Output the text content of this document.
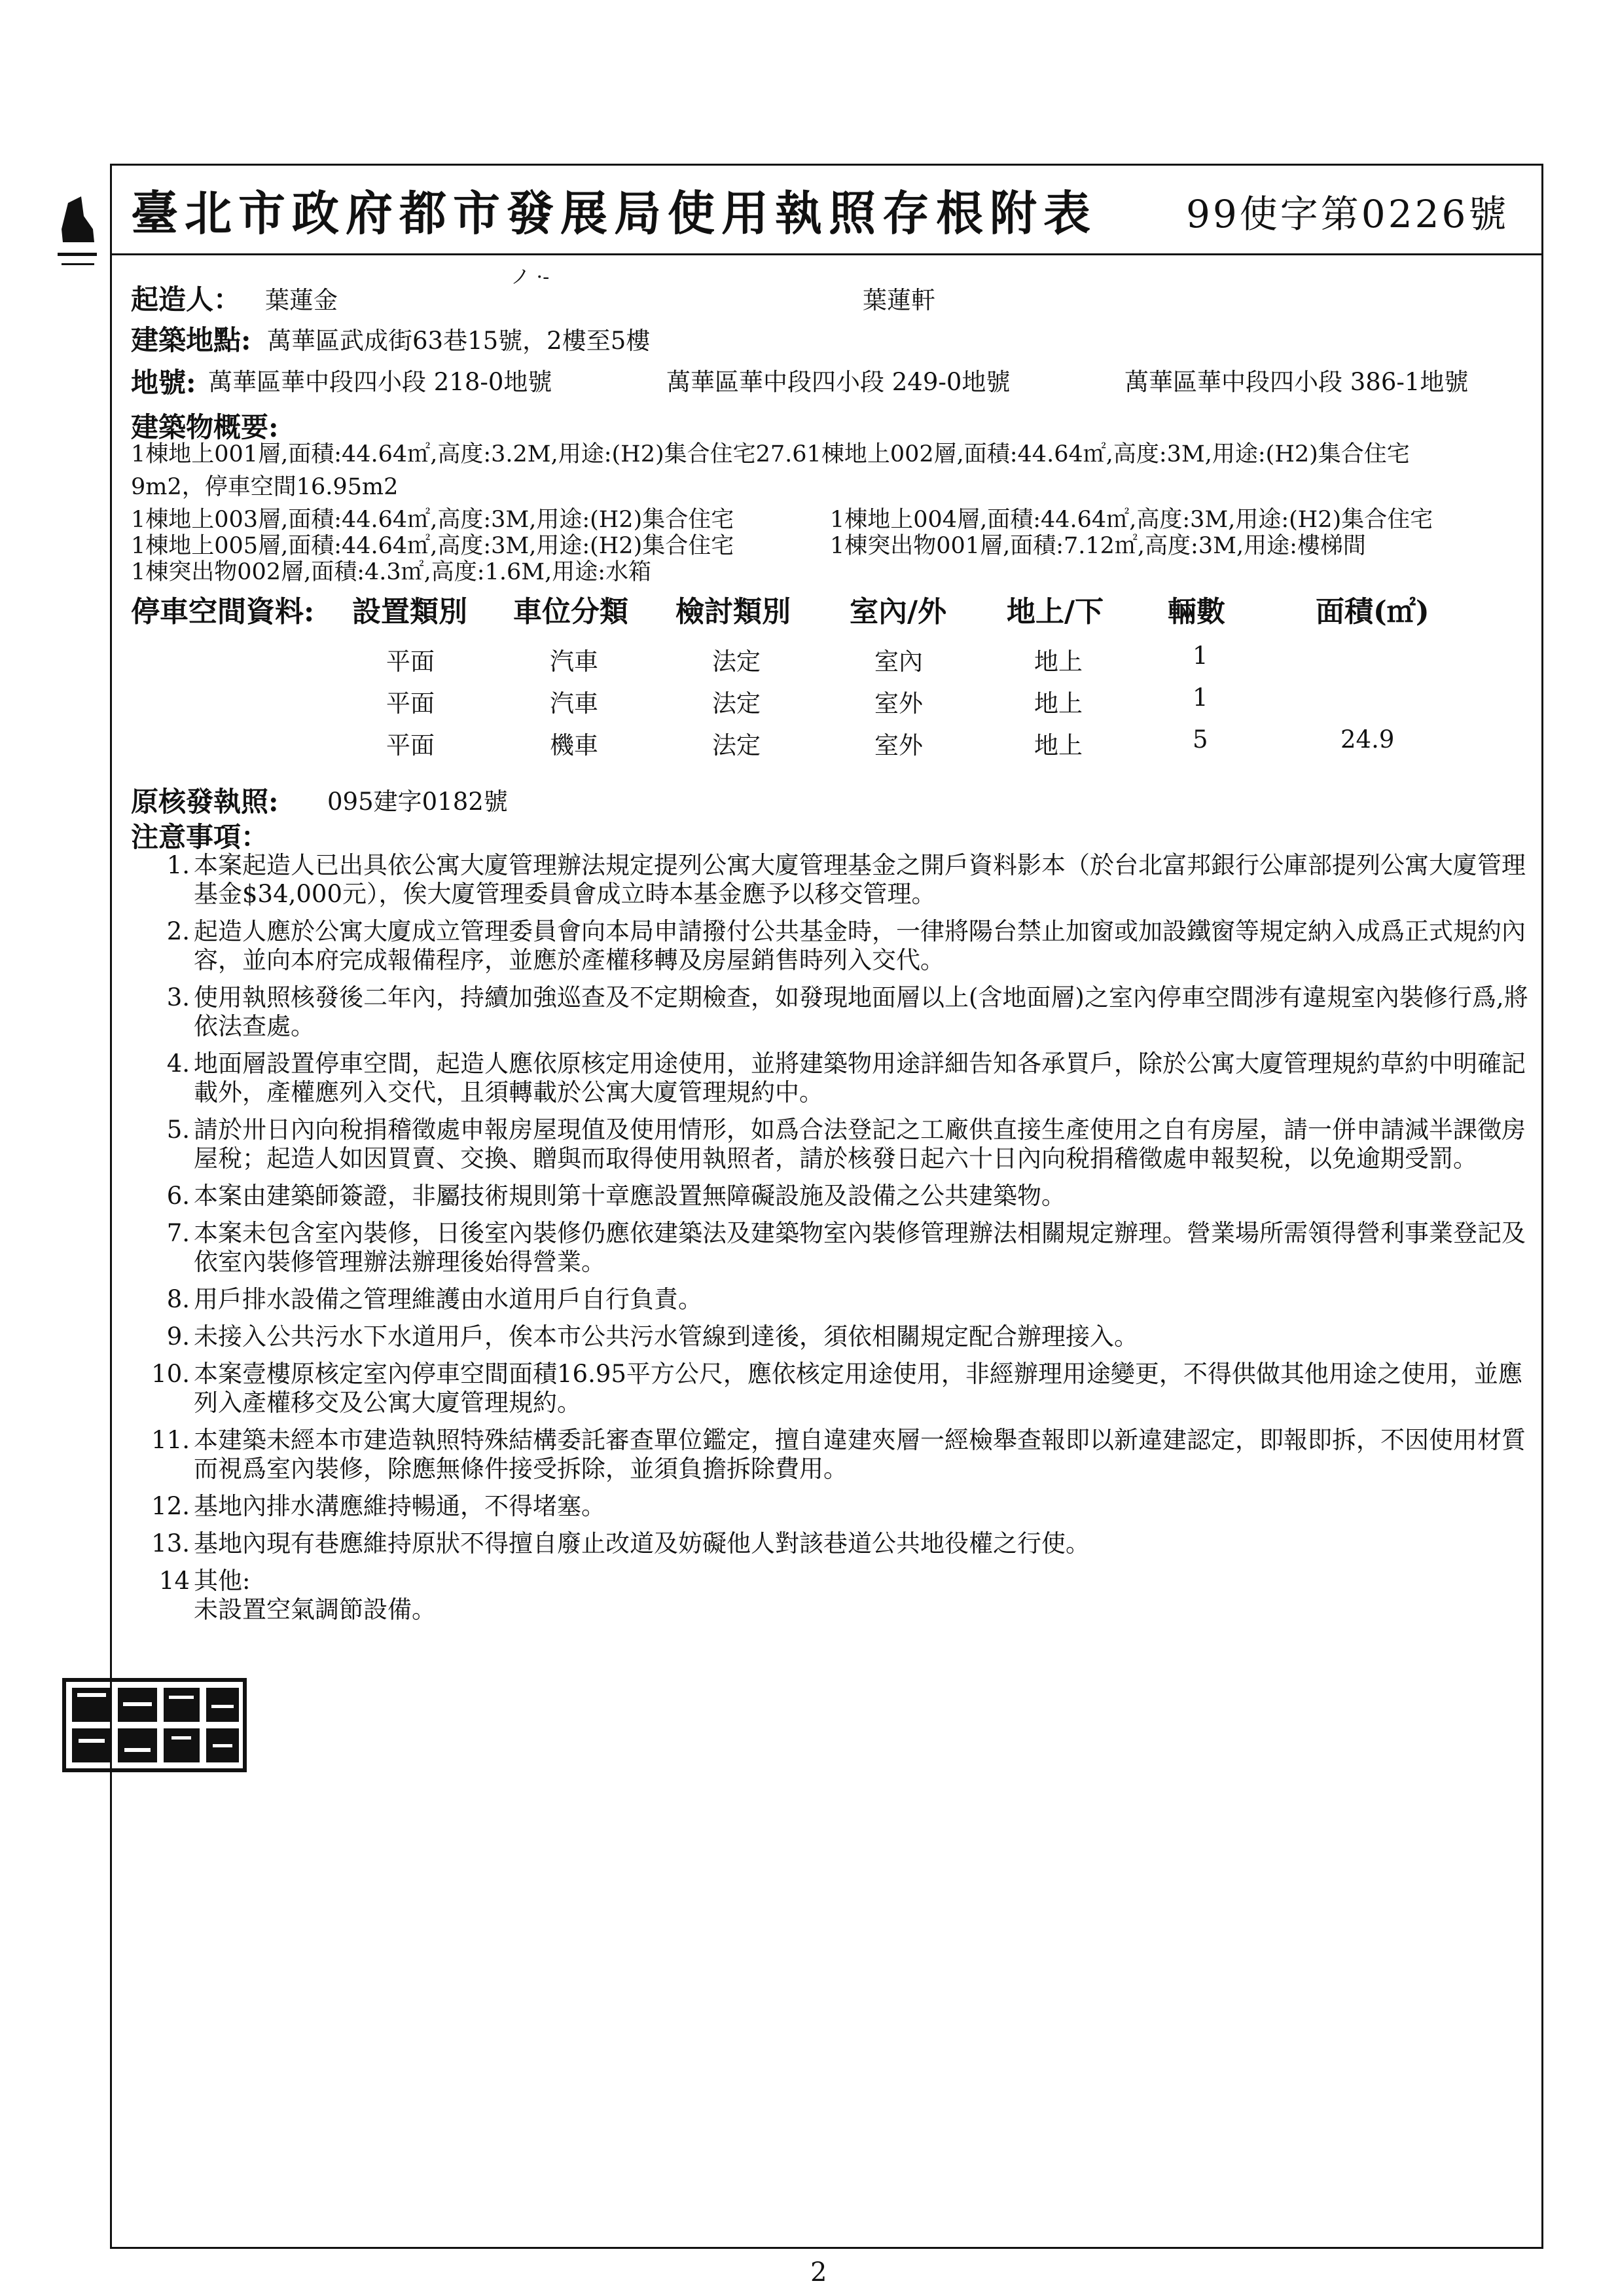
臺北市政府都市發展局使用執照存根附表 99使字第0226號
ノ ·-
起造人： 葉蓮金	葉蓮軒
建築地點: 萬華區武成街63巷15號，2樓至5樓
地號: 萬華區華中段四小段 218-0地號	萬華區華中段四小段 249-0地號	萬華區華中段四小段 386-1地號
建築物概要:
1棟地上001層,面積:44.64㎡,高度:3.2M,用途:(H2)集合住宅27.61棟地上002層,面積:44.64㎡,高度:3M,用途:(H2)集合住宅
9m2，停車空間16.95m2
1棟地上003層,面積:44.64㎡,高度:3M,用途:(H2)集合住宅	1棟地上004層,面積:44.64㎡,高度:3M,用途:(H2)集合住宅
1棟地上005層,面積:44.64㎡,高度:3M,用途:(H2)集合住宅	1棟突出物001層,面積:7.12㎡,高度:3M,用途:樓梯間
1棟突出物002層,面積:4.3㎡,高度:1.6M,用途:水箱
停車空間資料: 設置類別 車位分類 檢討類別 室內/外 地上/下 輛數	面積(㎡)
平面	汽車	法定	室內	地上	1
平面	汽車	法定	室外	地上	1
平面	機車	法定	室外	地上	5	24.9
原核發執照: 095建字0182號
注意事項：
1. 本案起造人已出具依公寓大廈管理辦法規定提列公寓大廈管理基金之開戶資料影本（於台北富邦銀行公庫部提列公寓大廈管理基金$34,000元），俟大廈管理委員會成立時本基金應予以移交管理。
2. 起造人應於公寓大廈成立管理委員會向本局申請撥付公共基金時，一律將陽台禁止加窗或加設鐵窗等規定納入成爲正式規約內容，並向本府完成報備程序，並應於產權移轉及房屋銷售時列入交代。
3. 使用執照核發後二年內，持續加強巡查及不定期檢查，如發現地面層以上(含地面層)之室內停車空間涉有違規室內裝修行爲,將依法查處。
4. 地面層設置停車空間，起造人應依原核定用途使用，並將建築物用途詳細告知各承買戶，除於公寓大廈管理規約草約中明確記載外，產權應列入交代，且須轉載於公寓大廈管理規約中。
5. 請於卅日內向稅捐稽徵處申報房屋現值及使用情形，如爲合法登記之工廠供直接生產使用之自有房屋，請一併申請減半課徵房屋稅；起造人如因買賣、交換、贈與而取得使用執照者，請於核發日起六十日內向稅捐稽徵處申報契稅，以免逾期受罰。
6. 本案由建築師簽證，非屬技術規則第十章應設置無障礙設施及設備之公共建築物。
7. 本案未包含室內裝修，日後室內裝修仍應依建築法及建築物室內裝修管理辦法相關規定辦理。營業場所需領得營利事業登記及依室內裝修管理辦法辦理後始得營業。
8. 用戶排水設備之管理維護由水道用戶自行負責。
9. 未接入公共污水下水道用戶，俟本市公共污水管線到達後，須依相關規定配合辦理接入。
10. 本案壹樓原核定室內停車空間面積16.95平方公尺，應依核定用途使用，非經辦理用途變更，不得供做其他用途之使用，並應列入產權移交及公寓大廈管理規約。
11. 本建築未經本市建造執照特殊結構委託審查單位鑑定，擅自違建夾層一經檢舉查報即以新違建認定，即報即拆，不因使用材質而視爲室內裝修，除應無條件接受拆除，並須負擔拆除費用。
12. 基地內排水溝應維持暢通，不得堵塞。
13. 基地內現有巷應維持原狀不得擅自廢止改道及妨礙他人對該巷道公共地役權之行使。
14 其他:
未設置空氣調節設備。
2
